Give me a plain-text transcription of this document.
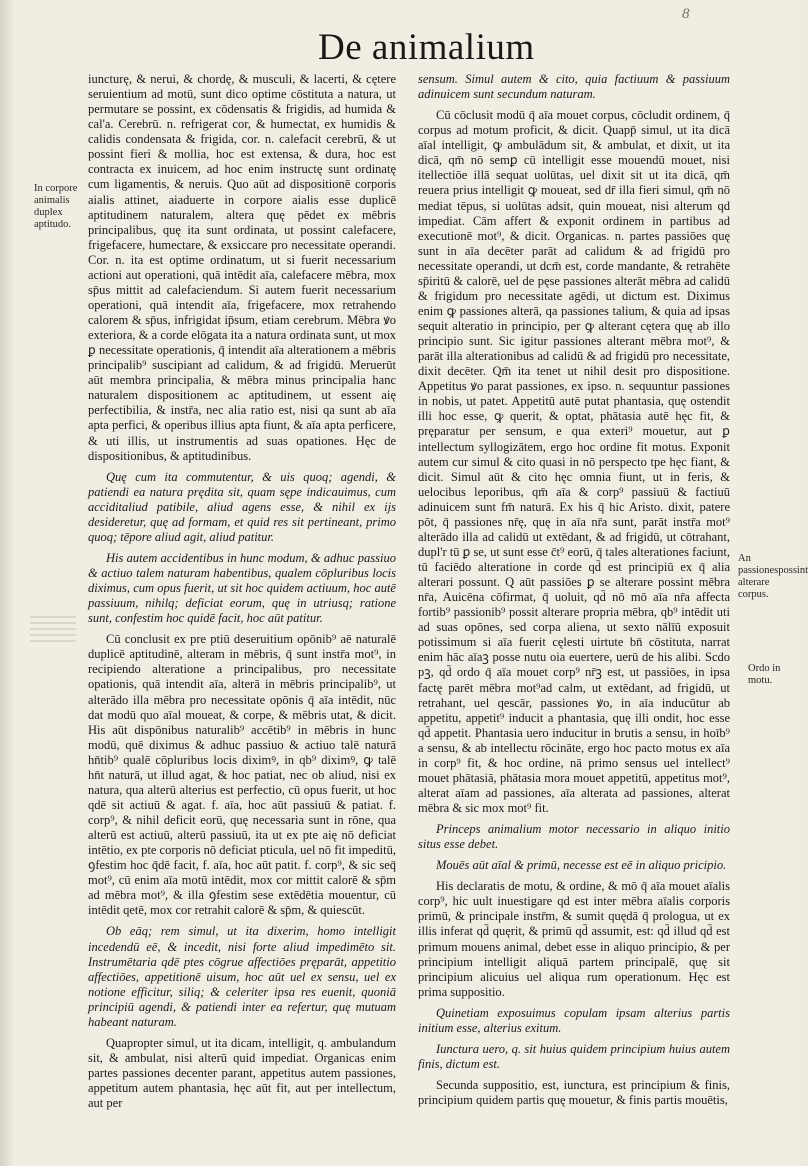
8
De animalium
In corpore animalis duplex aptitudo.

iuncturę, & nerui, & chordę, & musculi, & lacerti, & cętere seruientium ad motū, sunt dico optime cōstituta a natura, ut permutare se possint, ex cōdensatis & frigidis, ad humida & cal'a. Cerebrū. n. refrigerat cor, & humectat, ex humidis & calidis condensata & frigida, cor. n. calefacit cerebrū, & ut possint fieri & mollia, hoc est extensa, & dura, hoc est contracta ex inuicem, ad hoc enim instructę sunt ordinatę cum ligamentis, & neruis. Quo aūt ad dispositionē corporis aialis attinet, aiaduerte in corpore aialis esse duplicē aptitudinem naturalem, altera quę pēdet ex mēbris principalibus, quę ita sunt ordinata, ut possint calefacere, frigefacere, humectare, & exsiccare pro necessitate operandi. Cor. n. ita est optime ordinatum, ut si fuerit necessarium actioni aut operationi, quā intēdit aīa, calefacere mēbra, mox sp̄us mittit ad calefaciendum. Si autem fuerit necessarium operationi, quā intendit aīa, frigefacere, mox retrahendo calorem & sp̄us, infrigidat ip̄sum, etiam cerebrum. Mēbra ꝟo exteriora, & a corde elōgata ita a natura ordinata sunt, ut mox ꝑ necessitate operationis, q̄ intendit aīa alterationem a mēbris principalib⁹ suscipiant ad calidum, & ad frigidū. Meruerūt aūt membra principalia, & mēbra minus principalia hanc naturalem dispositionem ac aptitudinem, ut essent aię perfectibilia, & instr̄a, nec alia ratio est, nisi qa sunt ab aīa apta perfici, & operibus illius apta fiunt, & aīa apta perficere, & uti illis, ut instrumentis ad suas opationes. Hęc de dispositionibus, & aptitudinibus.

Quę cum ita commutentur, & uis quoq; agendi, & patiendi ea natura prędita sit, quam sępe indicauimus, cum acciditaliud patibile, aliud agens esse, & nihil ex ijs desideretur, quę ad formam, et quid res sit pertineant, primo quoq; tēpore aliud agit, aliud patitur.

His autem accidentibus in hunc modum, & adhuc passiuo & actiuo talem naturam habentibus, qualem cōpluribus locis diximus, cum opus fuerit, ut sit hoc quidem actiuum, hoc autē passiuum, nihilq; deficiat eorum, quę in utriusq; ratione sunt, confestim hoc quidē facit, hoc aūt patitur.

Cū conclusit ex pre ptiū deseruitium opōnib⁹ aē naturalē duplicē aptitudinē, alteram in mēbris, q̄ sunt instr̄a mot⁹, in recipiendo alteratione a principalibus, pro necessitate opationis, quā intendit aīa, alterā in mēbris principalib⁹, ut alterādo illa mēbra pro necessitate opōnis q̄ aīa intēdit, nūc dat modū quo aīal moueat, & corpe, & mēbris utat, & dicit. His aūt dispōnibus naturalib⁹ accētib⁹ in mēbris in hunc modū, quē diximus & adhuc passiuo & actiuo talē naturā hn̄tib⁹ qualē cōpluribus locis diximꝰ, in qb⁹ diximꝰ, ꝙ talē hn̄t naturā, ut illud agat, & hoc patiat, nec ob aliud, nisi ex natura, qua alterū alterius est perfectio, cū opus fuerit, ut hoc qdē sit actiuū & agat. f. aīa, hoc aūt passiuū & patiat. f. corp⁹, & nihil deficit eorū, quę necessaria sunt in rōne, qua alterū est actiuū, alterū passiuū, ita ut ex pte aię nō deficiat intētio, ex pte corporis nō deficiat pticula, uel nō fit impeditū, ꝯfestim hoc q̄dē facit, f. aīa, hoc aūt patit. f. corp⁹, & sic seq̄ mot⁹, cū enim aīa motū intēdit, mox cor mittit calorē & sp̄m ad mēbra mot⁹, & illa ꝯfestim sese extēdētia mouentur, cū intēdit qetē, mox cor retrahit calorē & sp̄m, & quiescūt.

Ob eāq; rem simul, ut ita dixerim, homo intelligit incedendū eē, & incedit, nisi forte aliud impedimēto sit. Instrumētaria qdē ptes cōgrue affectiōes pręparāt, appetitio affectiōes, appetitionē uisum, hoc aūt uel ex sensu, uel ex notione efficitur, siliq; & celeriter ipsa res euenit, quoniā principiū agendi, & patiendi inter ea refertur, quę mutuam habeant naturam.

Quapropter simul, ut ita dicam, intelligit, q. ambulandum sit, & ambulat, nisi alterū quid impediat. Organicas enim partes passiones decenter parant, appetitus autem passiones, appetitum autem phantasia, hęc aūt fit, aut per intellectum, aut per

sensum. Simul autem & cito, quia factiuum & passiuum adinuicem sunt secundum naturam.

Cū cōclusit modū q̄ aīa mouet corpus, cōcludit ordinem, q̄ corpus ad motum proficit, & dicit. Quapp̄ simul, ut ita dicā aīal intelligit, ꝙ ambulādum sit, & ambulat, et dixit, ut ita dicā, qm̄ nō semꝑ cū intelligit esse mouendū mouet, nisi itellectiōe illā sequat uolūtas, uel dixit sit ut ita dicā, qm̄ reuera prius intelligit ꝙ moueat, sed dr̄ illa fieri simul, qm̄ nō mediat tēpus, si uolūtas adsit, quin moueat, nisi alterum qd impediat. Cām affert & exponit ordinem in partibus ad executionē mot⁹, & dicit. Organicas. n. partes passiōes quę sunt in aīa decēter parāt ad calidum & ad frigidū pro necessitate operandi, ut dcm̄ est, corde mandante, & retrahēte sp̄iritū & calorē, uel de pęse passiones alterāt mēbra ad calidū & frigidum pro necessitate agēdi, ut dictum est. Diximus enim ꝙ passiones alterā, qa passiones talium, & quia ad ipsas sequit alteratio in principio, per ꝙ alterant cętera quę ab illo principio sunt. Sic igitur passiones alterant mēbra mot⁹, & parāt illa alterationibus ad calidū & ad frigidū pro necessitate, dixit decēter. Qm̄ ita tenet ut nihil desit pro dispositione. Appetitus ꝟo parat passiones, ex ipso. n. sequuntur passiones in nobis, ut patet. Appetitū autē putat phantasia, quę ostendit illi hoc esse, ꝙ querit, & optat, phātasia autē hęc fit, & pręparatur per sensum, e qua exteri⁹ mouetur, aut ꝑ intellectum syllogizātem, ergo hoc ordine fit motus. Exponit autem cur simul & cito quasi in nō perspecto tpe hęc fiant, & dicit. Simul aūt & cito hęc omnia fiunt, ut in feris, & uelocibus leporibus, qm̄ aīa & corp⁹ passiuū & factiuū adinuicem sunt fm̄ naturā. Ex his q̄ hic Aristo. dixit, patere pōt, q̄ passiones nr̄ę, quę in aīa nr̄a sunt, parāt instr̄a mot⁹ alterādo illa ad calidū ut extēdant, & ad frigidū, ut cōtrahant, dupl'r tū ꝑ se, ut sunt esse c̄t⁹ eorū, q̄ tales alterationes faciunt, tū faciēdo alteratione in corde qd̄ est principiū ex q̄ alia alterari possunt. Q aūt passiōes ꝑ se alterare possint mēbra nr̄a, Auicēna cōfirmat, q̄ uoluit, qd̄ nō mō aīa nr̄a affecta fortib⁹ passionib⁹ possit alterare propria mēbra, qb⁹ intēdit uti ad suas opōnes, sed corpa aliena, ut sexto nālīū exposuit potissimum si aīa fuerit cęlesti uirtute bn̄ cōstituta, narrat enim hāc aīaꝫ posse nutu oia euertere, uerū de his alibi. Scdo pꝫ, qd̄ ordo q̄ aīa mouet corp⁹ nr̄ꝫ est, ut passiōes, in ipsa factę parēt mēbra mot⁹ad calm, ut extēdant, ad frigidū, ut retrahant, uel qescār, passiones ꝟo, in aīa inducūtur ab appetitu, appetit⁹ inducit a phantasia, quę illi ondit, hoc esse qd̄ appetit. Phantasia uero inducitur in brutis a sensu, in hoīb⁹ a sensu, & ab intellectu rōcināte, ergo hoc pacto motus ex aīa in corp⁹ fit, & hoc ordine, nā primo sensus uel intellect⁹ mouet phātasiā, phātasia mora mouet appetitū, appetitus mot⁹, alterat aīam ad passiones, aīa alterata ad passiones, alterat mēbra & sic mox mot⁹ fit.

Princeps animalium motor necessario in aliquo initio situs esse debet.

Mouēs aūt aīal & primū, necesse est eē in aliquo pricipio.

His declaratis de motu, & ordine, & mō q̄ aīa mouet aīalis corp⁹, hic uult inuestigare qd est inter mēbra aīalis corporis primū, & principale instr̄m, & sumit quędā q̄ prologua, ut ex illis inferat qd̄ quęrit, & primū qd̄ assumit, est: qd̄ illud qd̄ est primum mouens animal, debet esse in aliquo principio, & per principium intelligit aliquā partem principalē, quę sit principium alicuius uel aliqua rum operationum. Hęc est prima suppositio.

Quinetiam exposuimus copulam ipsam alterius partis initium esse, alterius exitum.

Iunctura uero, q. sit huius quidem principium huius autem finis, dictum est.

Secunda suppositio, est, iunctura, est principium & finis, principium quidem partis quę mouetur, & finis partis mouētis,

An passionespossint alterare corpus.
Ordo in motu.
